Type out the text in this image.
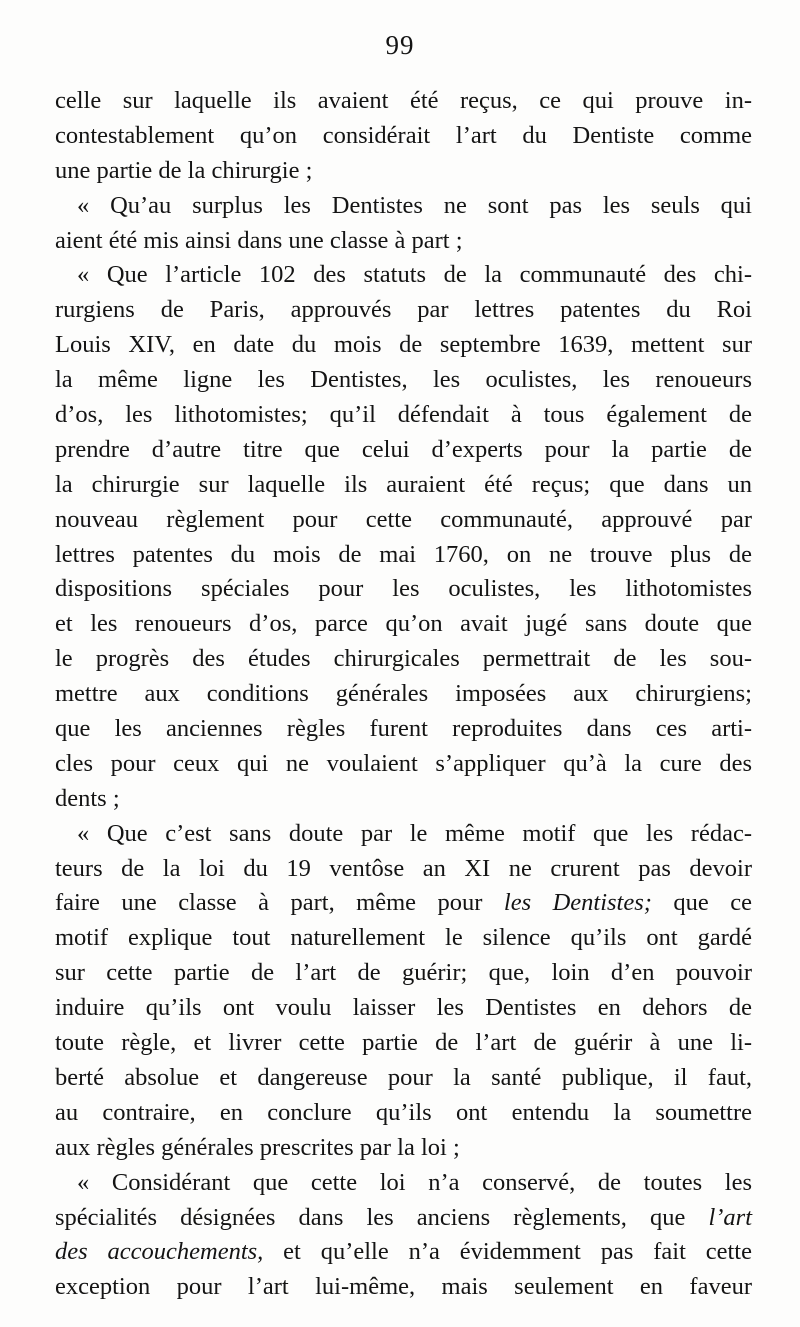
99
celle sur laquelle ils avaient été reçus, ce qui prouve in-
contestablement qu’on considérait l’art du Dentiste comme
une partie de la chirurgie ;
« Qu’au surplus les Dentistes ne sont pas les seuls qui
aient été mis ainsi dans une classe à part ;
« Que l’article 102 des statuts de la communauté des chi-
rurgiens de Paris, approuvés par lettres patentes du Roi
Louis XIV, en date du mois de septembre 1639, mettent sur
la même ligne les Dentistes, les oculistes, les renoueurs
d’os, les lithotomistes; qu’il défendait à tous également de
prendre d’autre titre que celui d’experts pour la partie de
la chirurgie sur laquelle ils auraient été reçus; que dans un
nouveau règlement pour cette communauté, approuvé par
lettres patentes du mois de mai 1760, on ne trouve plus de
dispositions spéciales pour les oculistes, les lithotomistes
et les renoueurs d’os, parce qu’on avait jugé sans doute que
le progrès des études chirurgicales permettrait de les sou-
mettre aux conditions générales imposées aux chirurgiens;
que les anciennes règles furent reproduites dans ces arti-
cles pour ceux qui ne voulaient s’appliquer qu’à la cure des
dents ;
« Que c’est sans doute par le même motif que les rédac-
teurs de la loi du 19 ventôse an XI ne crurent pas devoir
faire une classe à part, même pour les Dentistes; que ce
motif explique tout naturellement le silence qu’ils ont gardé
sur cette partie de l’art de guérir; que, loin d’en pouvoir
induire qu’ils ont voulu laisser les Dentistes en dehors de
toute règle, et livrer cette partie de l’art de guérir à une li-
berté absolue et dangereuse pour la santé publique, il faut,
au contraire, en conclure qu’ils ont entendu la soumettre
aux règles générales prescrites par la loi ;
« Considérant que cette loi n’a conservé, de toutes les
spécialités désignées dans les anciens règlements, que l’art
des accouchements, et qu’elle n’a évidemment pas fait cette
exception pour l’art lui-même, mais seulement en faveur
